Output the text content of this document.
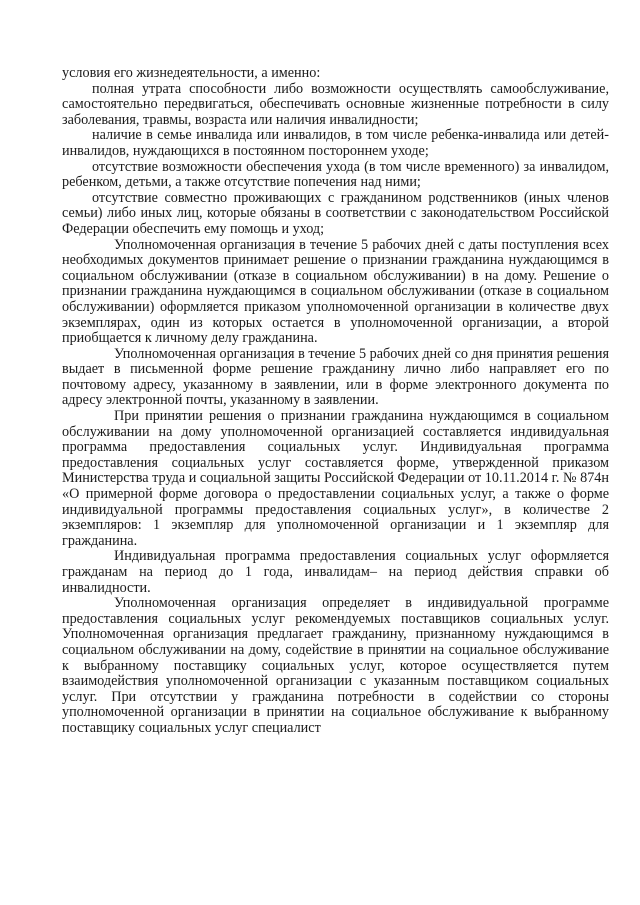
условия его жизнедеятельности, а именно:

полная утрата способности либо возможности осуществлять самообслуживание, самостоятельно передвигаться, обеспечивать основные жизненные потребности в силу заболевания, травмы, возраста или наличия инвалидности;

наличие в семье инвалида или инвалидов, в том числе ребенка-инвалида или детей-инвалидов, нуждающихся в постоянном постороннем уходе;

отсутствие возможности обеспечения ухода (в том числе временного) за инвалидом, ребенком, детьми, а также отсутствие попечения над ними;

отсутствие совместно проживающих с гражданином родственников (иных членов семьи) либо иных лиц, которые обязаны в соответствии с законодательством Российской Федерации обеспечить ему помощь и уход;

Уполномоченная организация в течение 5 рабочих дней с даты поступления всех необходимых документов принимает решение о признании гражданина нуждающимся в социальном обслуживании (отказе в социальном обслуживании) в на дому. Решение о признании гражданина нуждающимся в социальном обслуживании (отказе в социальном обслуживании) оформляется приказом уполномоченной организации в количестве двух экземплярах, один из которых остается в уполномоченной организации, а второй приобщается к личному делу гражданина.

Уполномоченная организация в течение 5 рабочих дней со дня принятия решения выдает в письменной форме решение гражданину лично либо направляет его по почтовому адресу, указанному в заявлении, или в форме электронного документа по адресу электронной почты, указанному в заявлении.

При принятии решения о признании гражданина нуждающимся в социальном обслуживании на дому уполномоченной организацией составляется индивидуальная программа предоставления социальных услуг. Индивидуальная программа предоставления социальных услуг составляется форме, утвержденной приказом Министерства труда и социальной защиты Российской Федерации от 10.11.2014 г. № 874н «О примерной форме договора о предоставлении социальных услуг, а также о форме индивидуальной программы предоставления социальных услуг», в количестве 2 экземпляров: 1 экземпляр для уполномоченной организации и 1 экземпляр для гражданина.

Индивидуальная программа предоставления социальных услуг оформляется гражданам на период до 1 года, инвалидам– на период действия справки об инвалидности.

Уполномоченная организация определяет в индивидуальной программе предоставления социальных услуг рекомендуемых поставщиков социальных услуг. Уполномоченная организация предлагает гражданину, признанному нуждающимся в социальном обслуживании на дому, содействие в принятии на социальное обслуживание к выбранному поставщику социальных услуг, которое осуществляется путем взаимодействия уполномоченной организации с указанным поставщиком социальных услуг. При отсутствии у гражданина потребности в содействии со стороны уполномоченной организации в принятии на социальное обслуживание к выбранному поставщику социальных услуг специалист
